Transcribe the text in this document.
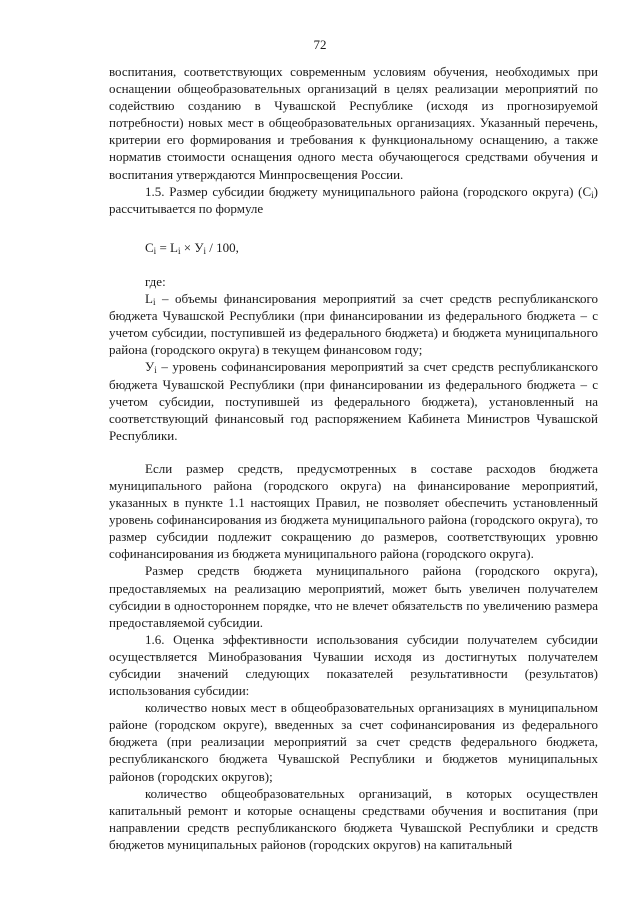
72

воспитания, соответствующих современным условиям обучения, необходимых при оснащении общеобразовательных организаций в целях реализации мероприятий по содействию созданию в Чувашской Республике (исходя из прогнозируемой потребности) новых мест в общеобразовательных организациях. Указанный перечень, критерии его формирования и требования к функциональному оснащению, а также норматив стоимости оснащения одного места обучающегося средствами обучения и воспитания утверждаются Минпросвещения России.

1.5. Размер субсидии бюджету муниципального района (городского округа) $(С_i)$ рассчитывается по формуле

$С_i = L_i \times У_i / 100$,

где:

$L_i$ – объемы финансирования мероприятий за счет средств республиканского бюджета Чувашской Республики (при финансировании из федерального бюджета – с учетом субсидии, поступившей из федерального бюджета) и бюджета муниципального района (городского округа) в текущем финансовом году;

$У_i$ – уровень софинансирования мероприятий за счет средств республиканского бюджета Чувашской Республики (при финансировании из федерального бюджета – с учетом субсидии, поступившей из федерального бюджета), установленный на соответствующий финансовый год распоряжением Кабинета Министров Чувашской Республики.

Если размер средств, предусмотренных в составе расходов бюджета муниципального района (городского округа) на финансирование мероприятий, указанных в пункте 1.1 настоящих Правил, не позволяет обеспечить установленный уровень софинансирования из бюджета муниципального района (городского округа), то размер субсидии подлежит сокращению до размеров, соответствующих уровню софинансирования из бюджета муниципального района (городского округа).

Размер средств бюджета муниципального района (городского округа), предоставляемых на реализацию мероприятий, может быть увеличен получателем субсидии в одностороннем порядке, что не влечет обязательств по увеличению размера предоставляемой субсидии.

1.6. Оценка эффективности использования субсидии получателем субсидии осуществляется Минобразования Чувашии исходя из достигнутых получателем субсидии значений следующих показателей результативности (результатов) использования субсидии:

количество новых мест в общеобразовательных организациях в муниципальном районе (городском округе), введенных за счет софинансирования из федерального бюджета (при реализации мероприятий за счет средств федерального бюджета, республиканского бюджета Чувашской Республики и бюджетов муниципальных районов (городских округов);

количество общеобразовательных организаций, в которых осуществлен капитальный ремонт и которые оснащены средствами обучения и воспитания (при направлении средств республиканского бюджета Чувашской Республики и средств бюджетов муниципальных районов (городских округов) на капитальный
